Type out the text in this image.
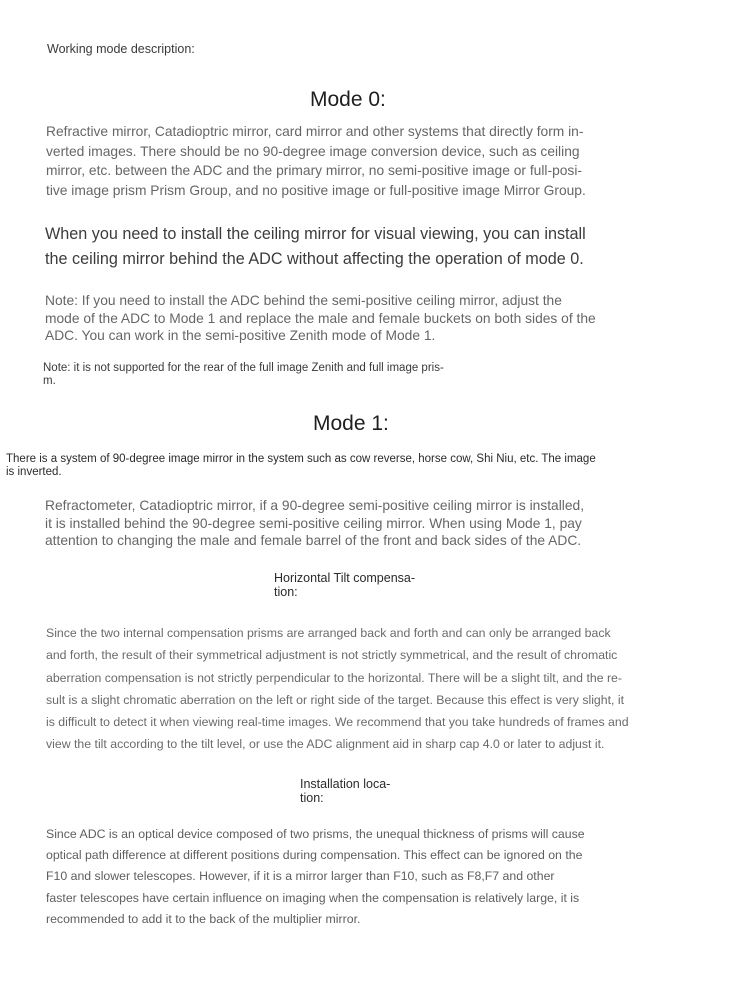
Working mode description:
Mode 0:
Refractive mirror, Catadioptric mirror, card mirror and other systems that directly form in-
verted images. There should be no 90-degree image conversion device, such as ceiling
mirror, etc. between the ADC and the primary mirror, no semi-positive image or full-posi-
tive image prism Prism Group, and no positive image or full-positive image Mirror Group.
When you need to install the ceiling mirror for visual viewing, you can install
the ceiling mirror behind the ADC without affecting the operation of mode 0.
Note: If you need to install the ADC behind the semi-positive ceiling mirror, adjust the
mode of the ADC to Mode 1 and replace the male and female buckets on both sides of the
ADC. You can work in the semi-positive Zenith mode of Mode 1.
Note: it is not supported for the rear of the full image Zenith and full image pris-
m.
Mode 1:
There is a system of 90-degree image mirror in the system such as cow reverse, horse cow, Shi Niu, etc. The image
is inverted.
Refractometer, Catadioptric mirror, if a 90-degree semi-positive ceiling mirror is installed,
it is installed behind the 90-degree semi-positive ceiling mirror. When using Mode 1, pay
attention to changing the male and female barrel of the front and back sides of the ADC.
Horizontal Tilt compensa-
tion:
Since the two internal compensation prisms are arranged back and forth and can only be arranged back
and forth, the result of their symmetrical adjustment is not strictly symmetrical, and the result of chromatic
aberration compensation is not strictly perpendicular to the horizontal. There will be a slight tilt, and the re-
sult is a slight chromatic aberration on the left or right side of the target. Because this effect is very slight, it
is difficult to detect it when viewing real-time images. We recommend that you take hundreds of frames and
view the tilt according to the tilt level, or use the ADC alignment aid in sharp cap 4.0 or later to adjust it.
Installation loca-
tion:
Since ADC is an optical device composed of two prisms, the unequal thickness of prisms will cause
optical path difference at different positions during compensation. This effect can be ignored on the
F10 and slower telescopes. However, if it is a mirror larger than F10, such as F8,F7 and other
faster telescopes have certain influence on imaging when the compensation is relatively large, it is
recommended to add it to the back of the multiplier mirror.
